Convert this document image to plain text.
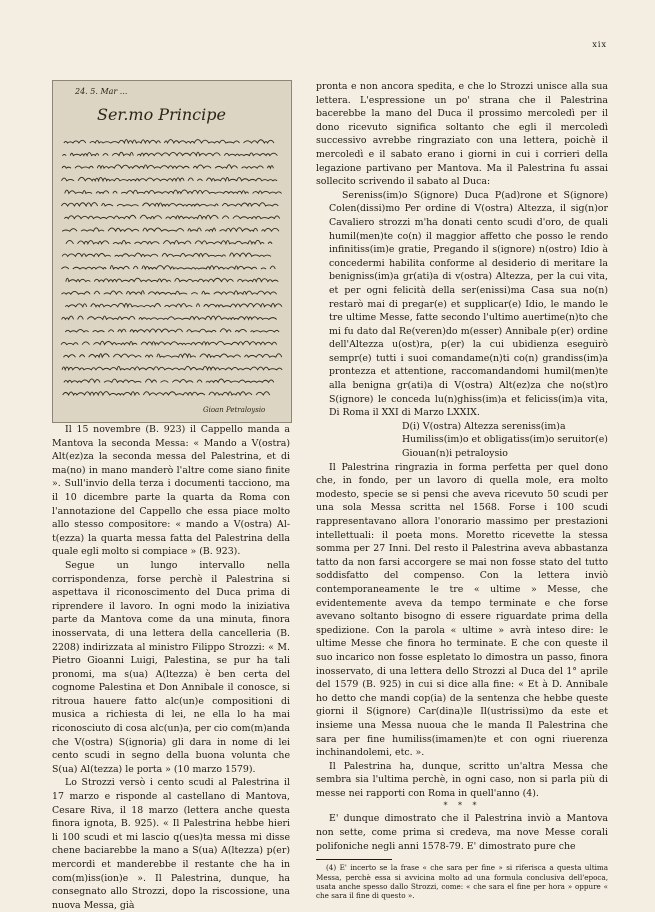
xix
24. 5. Mar ...
Ser.mo Principe
Gioan Petraloysio

Il 15 novembre (B. 923) il Cappello manda a Mantova la seconda Messa: « Mando a V(ostra) Alt(ez)za la seconda messa del Palestrina, et di ma(no) in mano manderò l'altre come siano finite ». Sull'invio della terza i documenti tacciono, ma il 10 dicembre parte la quarta da Roma con l'annotazione del Cappello che essa piace molto allo stesso compositore: « mando a V(ostra) Al-t(ezza) la quarta messa fatta del Palestrina della quale egli molto si compiace » (B. 923).

Segue un lungo intervallo nella corrispondenza, forse perchè il Palestrina si aspettava il riconoscimento del Duca prima di riprendere il lavoro. In ogni modo la iniziativa parte da Mantova come da una minuta, finora inosservata, di una lettera della cancelleria (B. 2208) indirizzata al ministro Filippo Strozzi: « M. Pietro Gioanni Luigi, Palestina, se pur ha tali pronomi, ma s(ua) A(ltezza) è ben certa del cognome Palestina et Don Annibale il conosce, si ritroua hauere fatto alc(un)e compositioni di musica a richiesta di lei, ne ella lo ha mai riconosciuto di cosa alc(un)a, per cio com(m)anda che V(ostra) S(ignoria) gli dara in nome di lei cento scudi in segno della buona volunta che S(ua) Al(tezza) le porta » (10 marzo 1579).

Lo Strozzi versò i cento scudi al Palestrina il 17 marzo e risponde al castellano di Mantova, Cesare Riva, il 18 marzo (lettera anche questa finora ignota, B. 925). « Il Palestrina hebbe hieri li 100 scudi et mi lascio q(ues)ta messa mi disse chene baciarebbe la mano a S(ua) A(ltezza) p(er) mercordi et manderebbe il restante che ha in com(m)iss(ion)e ». Il Palestrina, dunque, ha consegnato allo Strozzi, dopo la riscossione, una nuova Messa, già

pronta e non ancora spedita, e che lo Strozzi unisce alla sua lettera. L'espressione un po' strana che il Palestrina bacerebbe la mano del Duca il prossimo mercoledì per il dono ricevuto significa soltanto che egli il mercoledì successivo avrebbe ringraziato con una lettera, poichè il mercoledì e il sabato erano i giorni in cui i corrieri della legazione partivano per Mantova. Ma il Palestrina fu assai sollecito scrivendo il sabato al Duca:

Sereniss(im)o S(ignore) Duca P(ad)rone et S(ignore) Colen(dissi)mo Per ordine di V(ostra) Altezza, il sig(n)or Cavaliero strozzi m'ha donati cento scudi d'oro, de quali humil(men)te co(n) il maggior affetto che posso le rendo infinitiss(im)e gratie, Pregando il s(ignore) n(ostro) Idio à concedermi habilita conforme al desiderio di meritare la benigniss(im)a gr(ati)a di v(ostra) Altezza, per la cui vita, et per ogni felicità della ser(enissi)ma Casa sua no(n) restarò mai di pregar(e) et supplicar(e) Idio, le mando le tre ultime Messe, fatte secondo l'ultimo auertime(n)to che mi fu dato dal Re(veren)do m(esser) Annibale p(er) ordine dell'Altezza u(ost)ra, p(er) la cui ubidienza eseguirò sempr(e) tutti i suoi comandame(n)ti co(n) grandiss(im)a prontezza et attentione, raccomandandomi humil(men)te alla benigna gr(ati)a di V(ostra) Alt(ez)za che no(st)ro S(ignore) le conceda lu(n)ghiss(im)a et feliciss(im)a vita, Di Roma il XXI di Marzo LXXIX.

D(i) V(ostra) Altezza sereniss(im)a

Humiliss(im)o et obligatiss(im)o seruitor(e)

Giouan(n)i petraloysio

Il Palestrina ringrazia in forma perfetta per quel dono che, in fondo, per un lavoro di quella mole, era molto modesto, specie se si pensi che aveva ricevuto 50 scudi per una sola Messa scritta nel 1568. Forse i 100 scudi rappresentavano allora l'onorario massimo per prestazioni intellettuali: il poeta mons. Moretto ricevette la stessa somma per 27 Inni. Del resto il Palestrina aveva abbastanza tatto da non farsi accorgere se mai non fosse stato del tutto soddisfatto del compenso. Con la lettera inviò contemporaneamente le tre « ultime » Messe, che evidentemente aveva da tempo terminate e che forse avevano soltanto bisogno di essere riguardate prima della spedizione. Con la parola « ultime » avrà inteso dire: le ultime Messe che finora ho terminate. E che con queste il suo incarico non fosse espletato lo dimostra un passo, finora inosservato, di una lettera dello Strozzi al Duca del 1° aprile del 1579 (B. 925) in cui si dice alla fine: « Et à D. Annibale ho detto che mandi cop(ia) de la sentenza che hebbe queste giorni il S(ignore) Car(dina)le Il(ustrissi)mo da este et insieme una Messa nuoua che le manda Il Palestrina che sara per fine humiliss(imamen)te et con ogni riuerenza inchinandolemi, etc. ».

Il Palestrina ha, dunque, scritto un'altra Messa che sembra sia l'ultima perchè, in ogni caso, non si parla più di messe nei rapporti con Roma in quell'anno (4).

* * *

E' dunque dimostrato che il Palestrina inviò a Mantova non sette, come prima si credeva, ma nove Messe corali polifoniche negli anni 1578-79. E' dimostrato pure che

(4) E' incerto se la frase « che sara per fine » si riferisca a questa ultima Messa, perchè essa si avvicina molto ad una formula conclusiva dell'epoca, usata anche spesso dallo Strozzi, come: « che sara el fine per hora » oppure « che sara il fine di questo ».
